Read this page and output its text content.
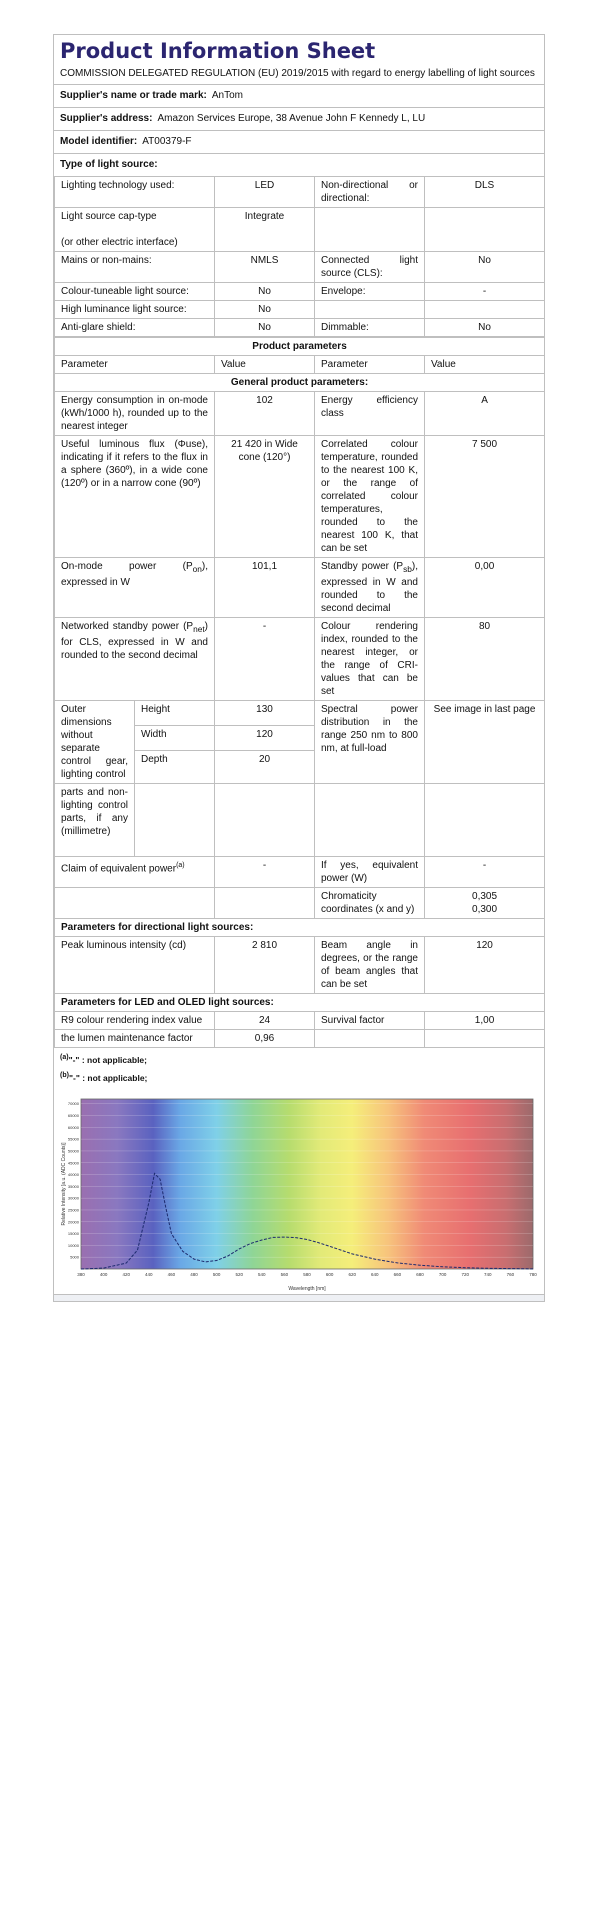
Product Information Sheet
COMMISSION DELEGATED REGULATION (EU) 2019/2015 with regard to energy labelling of light sources
Supplier's name or trade mark: AnTom
Supplier's address: Amazon Services Europe, 38 Avenue John F Kennedy L, LU
Model identifier: AT00379-F
Type of light source:
Lighting technology used:	LED	Non-directional or directional:	DLS
Light source cap-type

(or other electric interface)	Integrate		
Mains or non-mains:	NMLS	Connected light source (CLS):	No
Colour-tuneable light source:	No	Envelope:	-
High luminance light source:	No		
Anti-glare shield:	No	Dimmable:	No
Product parameters				
Parameter		Value	Parameter	Value
General product parameters:				
Energy consumption in on-mode (kWh/1000 h), rounded up to the nearest integer		102	Energy efficiency class	A
Useful luminous flux (Φuse), indicating if it refers to the flux in a sphere (360º), in a wide cone (120º) or in a narrow cone (90º)		21 420 in Wide cone (120°)	Correlated colour temperature, rounded to the nearest 100 K, or the range of correlated colour temperatures, rounded to the nearest 100 K, that can be set	7 500
On-mode power $(P_{on})$, expressed in W		101,1	Standby power $(P_{sb})$, expressed in W and rounded to the second decimal	0,00
Networked standby power $(P_{net})$ for CLS, expressed in W and rounded to the second decimal		-	Colour rendering index, rounded to the nearest integer, or the range of CRI-values that can be set	80
Outer dimensions without separate control gear, lighting control	Height	130	Spectral power distribution in the range 250 nm to 800 nm, at full-load	See image in last page
	Width	120		
	Depth	20		
parts and non-lighting control parts, if any (millimetre)				
Claim of equivalent power$^{(a)}$		-	If yes, equivalent power (W)	-
			Chromaticity coordinates (x and y)	0,305
0,300
Parameters for directional light sources:				
Peak luminous intensity (cd)		2 810	Beam angle in degrees, or the range of beam angles that can be set	120
Parameters for LED and OLED light sources:				
R9 colour rendering index value		24	Survival factor	1,00
the lumen maintenance factor		0,96		
$^{(a)}$"-" : not applicable;
$^{(b)}$"-" : not applicable;
5000
10000
15000
20000
25000
30000
35000
40000
45000
50000
55000
60000
65000
70000
380	400	420	440	460	480	500	520	540	560	580	600	620	640	660	680	700	720	740	760	780
Wavelength [nm]
Relative Intensity [a.u. (ADC Counts)]
